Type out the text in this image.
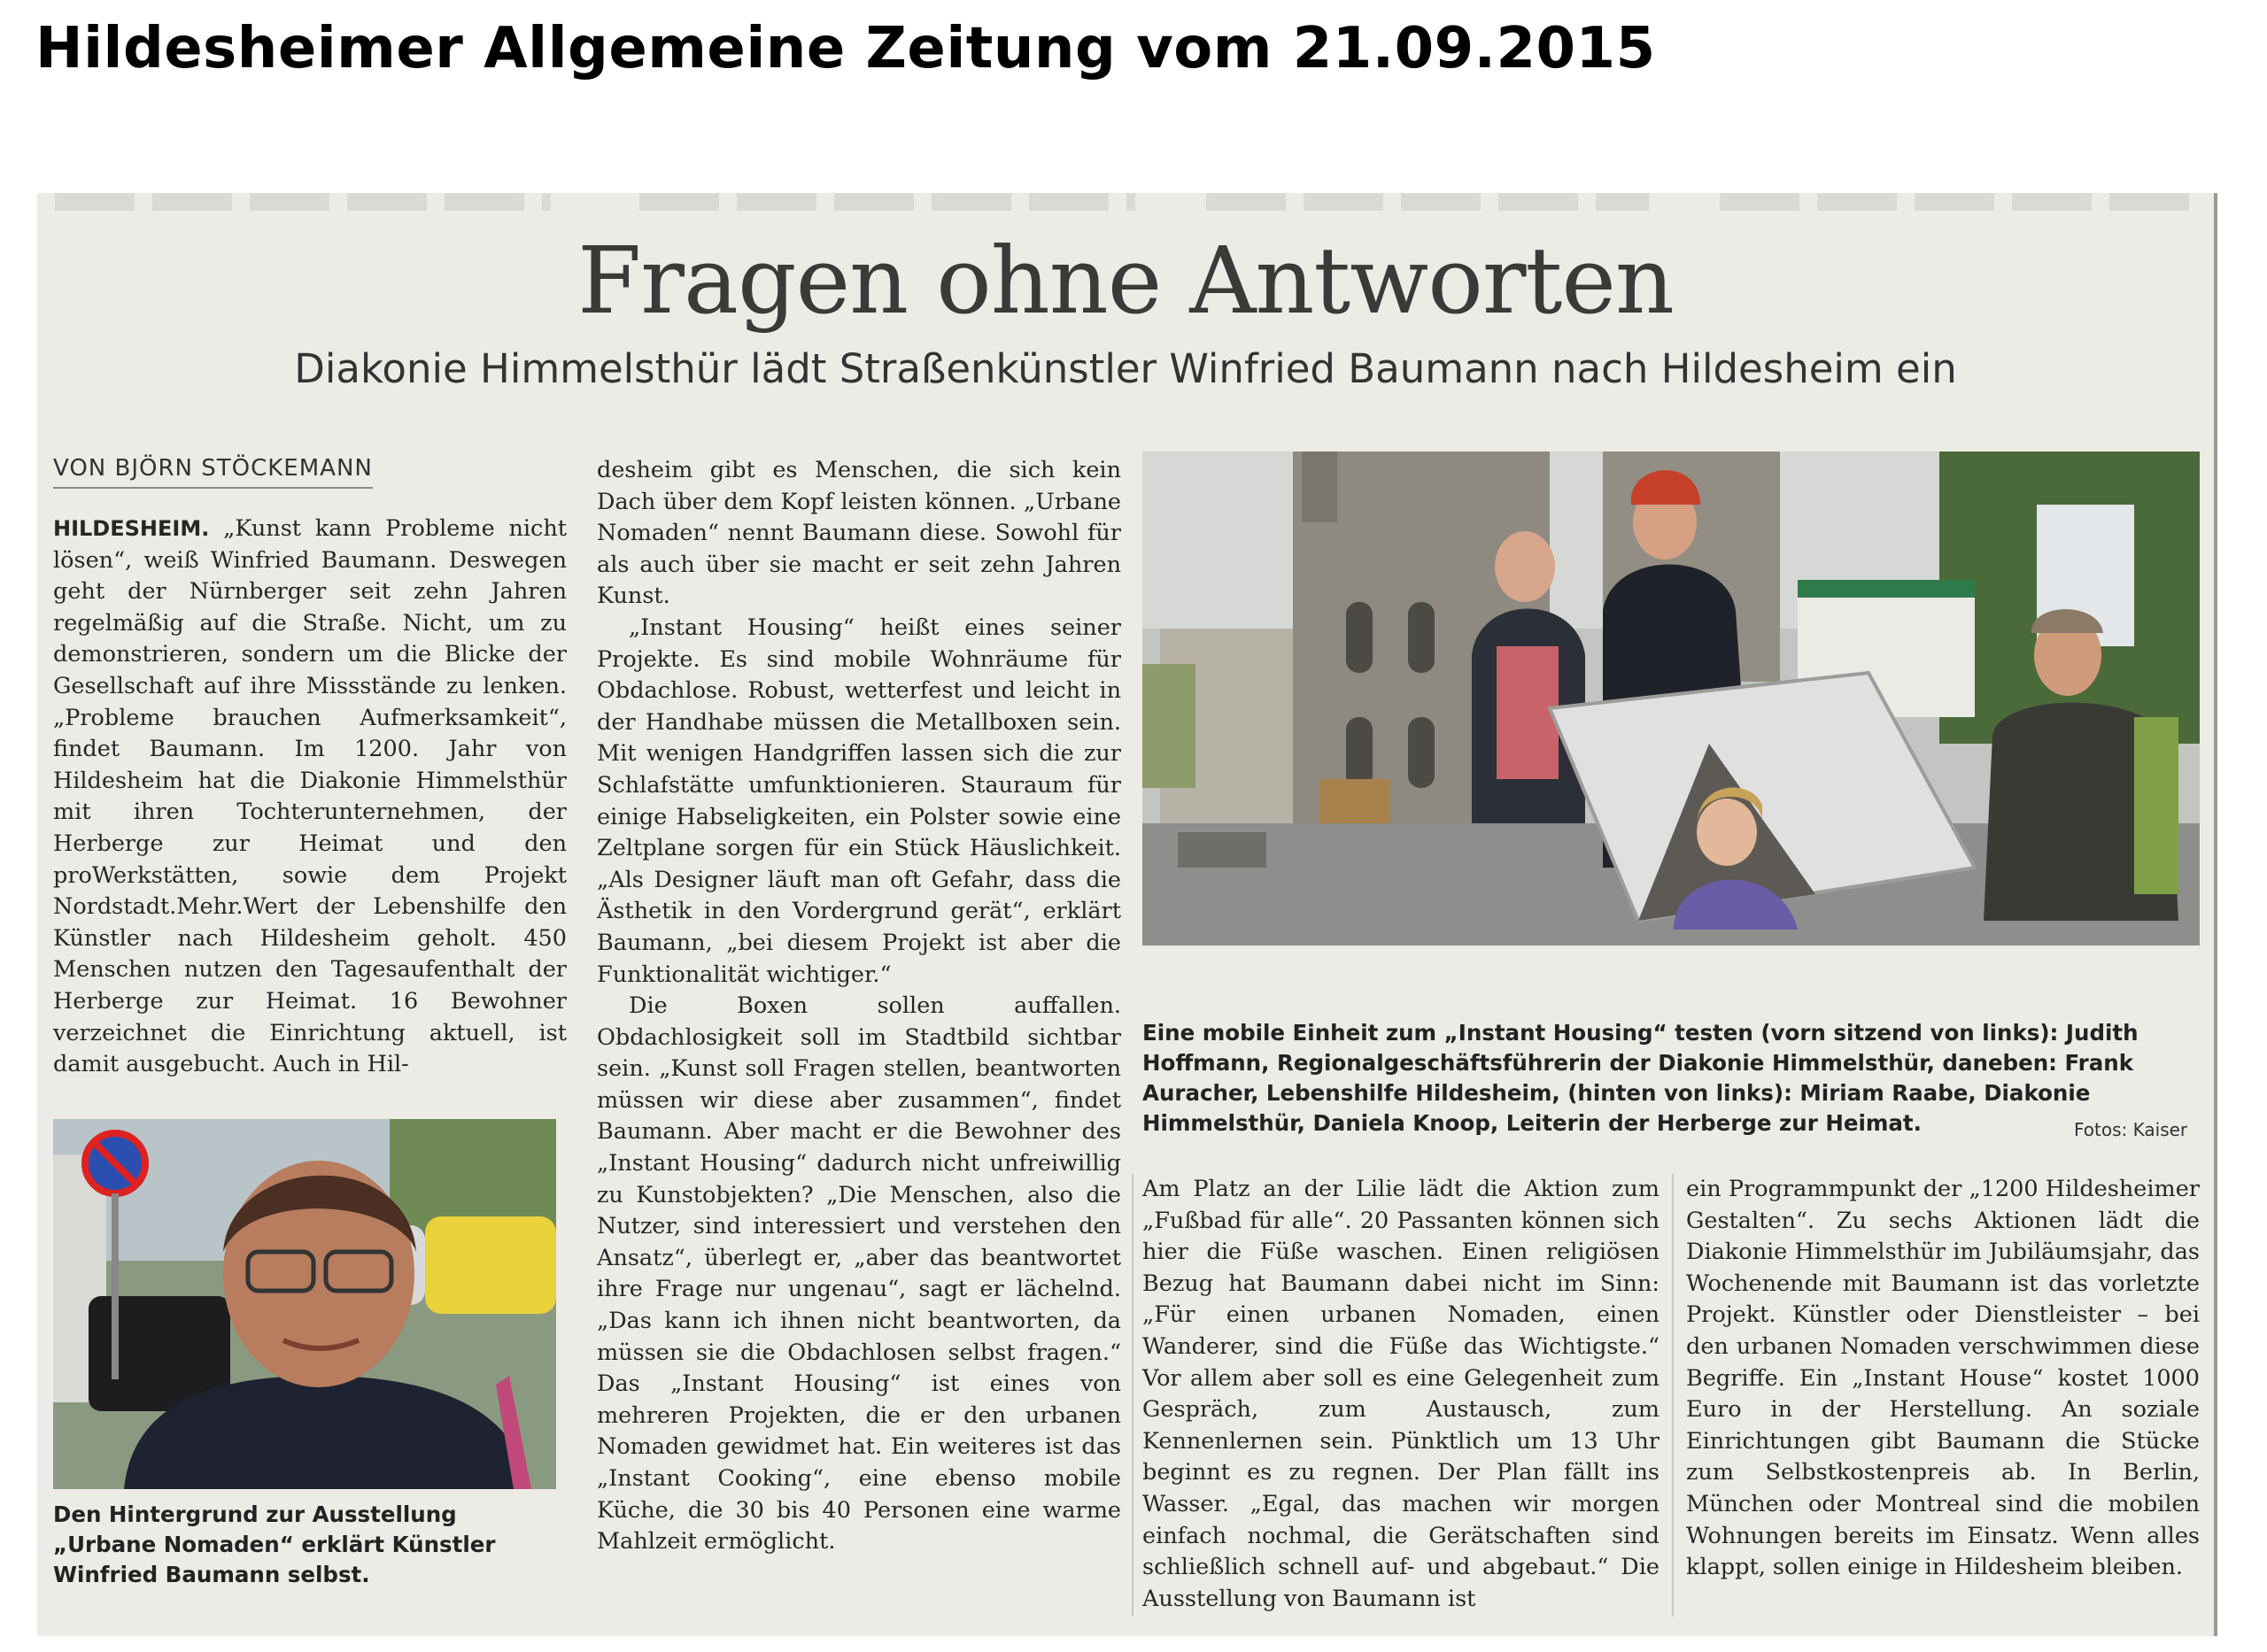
Hildesheimer Allgemeine Zeitung vom 21.09.2015
Fragen ohne Antworten
Diakonie Himmelsthür lädt Straßenkünstler Winfried Baumann nach Hildesheim ein
VON BJÖRN STÖCKEMANN

HILDESHEIM. „Kunst kann Probleme nicht lösen“, weiß Winfried Baumann. Deswegen geht der Nürnberger seit zehn Jahren regelmäßig auf die Straße. Nicht, um zu demonstrieren, sondern um die Blicke der Gesellschaft auf ihre Missstände zu lenken. „Probleme brauchen Aufmerksamkeit“, findet Baumann. Im 1200. Jahr von Hildesheim hat die Diakonie Himmelsthür mit ihren Tochterunternehmen, der Herberge zur Heimat und den proWerkstätten, sowie dem Projekt Nordstadt.Mehr.Wert der Lebenshilfe den Künstler nach Hildesheim geholt. 450 Menschen nutzen den Tagesaufenthalt der Herberge zur Heimat. 16 Bewohner verzeichnet die Einrichtung aktuell, ist damit ausgebucht. Auch in Hil-

Den Hintergrund zur Ausstellung „Urbane Nomaden“ erklärt Künstler Winfried Baumann selbst.

desheim gibt es Menschen, die sich kein Dach über dem Kopf leisten können. „Urbane Nomaden“ nennt Baumann diese. Sowohl für als auch über sie macht er seit zehn Jahren Kunst.

„Instant Housing“ heißt eines seiner Projekte. Es sind mobile Wohnräume für Obdachlose. Robust, wetterfest und leicht in der Handhabe müssen die Metallboxen sein. Mit wenigen Handgriffen lassen sich die zur Schlafstätte umfunktionieren. Stauraum für einige Habseligkeiten, ein Polster sowie eine Zeltplane sorgen für ein Stück Häuslichkeit. „Als Designer läuft man oft Gefahr, dass die Ästhetik in den Vordergrund gerät“, erklärt Baumann, „bei diesem Projekt ist aber die Funktionalität wichtiger.“

Die Boxen sollen auffallen. Obdachlosigkeit soll im Stadtbild sichtbar sein. „Kunst soll Fragen stellen, beantworten müssen wir diese aber zusammen“, findet Baumann. Aber macht er die Bewohner des „Instant Housing“ dadurch nicht unfreiwillig zu Kunstobjekten? „Die Menschen, also die Nutzer, sind interessiert und verstehen den Ansatz“, überlegt er, „aber das beantwortet ihre Frage nur ungenau“, sagt er lächelnd. „Das kann ich ihnen nicht beantworten, da müssen sie die Obdachlosen selbst fragen.“ Das „Instant Housing“ ist eines von mehreren Projekten, die er den urbanen Nomaden gewidmet hat. Ein weiteres ist das „Instant Cooking“, eine ebenso mobile Küche, die 30 bis 40 Personen eine warme Mahlzeit ermöglicht.

Eine mobile Einheit zum „Instant Housing“ testen (vorn sitzend von links): Judith Hoffmann, Regionalgeschäftsführerin der Diakonie Himmelsthür, daneben: Frank Auracher, Lebenshilfe Hildesheim, (hinten von links): Miriam Raabe, Diakonie Himmelsthür, Daniela Knoop, Leiterin der Herberge zur Heimat.	Fotos: Kaiser

Am Platz an der Lilie lädt die Aktion zum „Fußbad für alle“. 20 Passanten können sich hier die Füße waschen. Einen religiösen Bezug hat Baumann dabei nicht im Sinn: „Für einen urbanen Nomaden, einen Wanderer, sind die Füße das Wichtigste.“ Vor allem aber soll es eine Gelegenheit zum Gespräch, zum Austausch, zum Kennenlernen sein. Pünktlich um 13 Uhr beginnt es zu regnen. Der Plan fällt ins Wasser. „Egal, das machen wir morgen einfach nochmal, die Gerätschaften sind schließlich schnell auf- und abgebaut.“ Die Ausstellung von Baumann ist

ein Programmpunkt der „1200 Hildesheimer Gestalten“. Zu sechs Aktionen lädt die Diakonie Himmelsthür im Jubiläumsjahr, das Wochenende mit Baumann ist das vorletzte Projekt. Künstler oder Dienstleister – bei den urbanen Nomaden verschwimmen diese Begriffe. Ein „Instant House“ kostet 1000 Euro in der Herstellung. An soziale Einrichtungen gibt Baumann die Stücke zum Selbstkostenpreis ab. In Berlin, München oder Montreal sind die mobilen Wohnungen bereits im Einsatz. Wenn alles klappt, sollen einige in Hildesheim bleiben.
